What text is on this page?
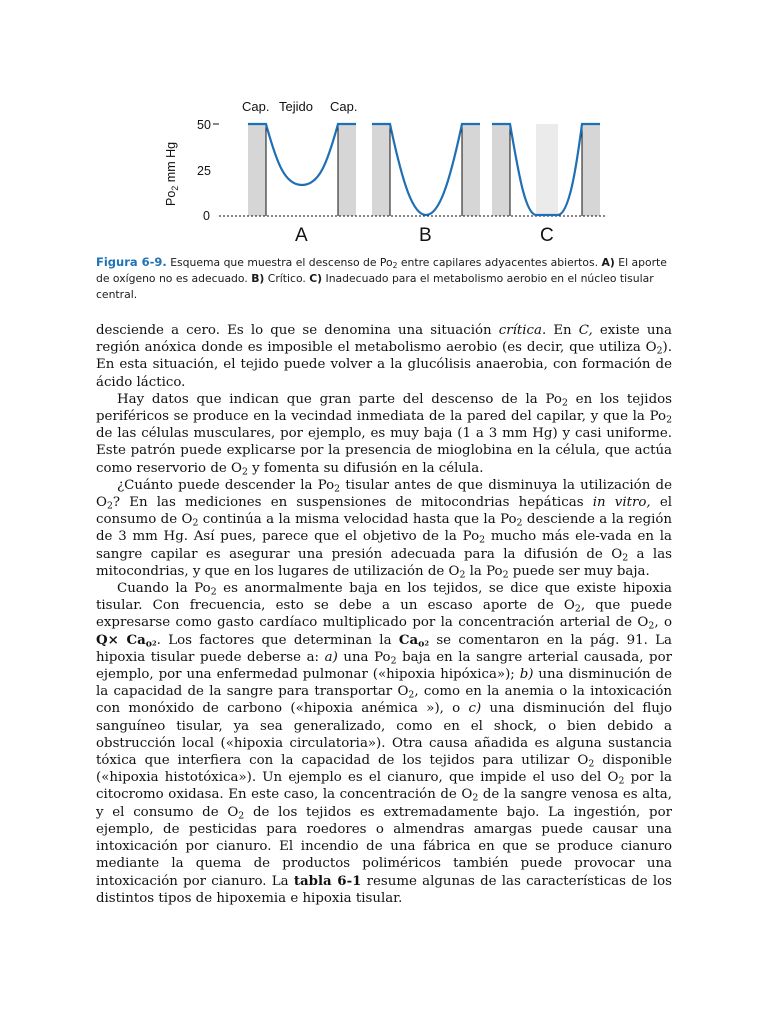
Cap. Tejido Cap.
$Po_2$ mm Hg
50
25
0
A	B	C
Figura 6-9. Esquema que muestra el descenso de $Po_2$ entre capilares adyacentes abiertos. A) El aporte de oxígeno no es adecuado. B) Crítico. C) Inadecuado para el metabolismo aerobio en el núcleo tisular central.

desciende a cero. Es lo que se denomina una situación crítica. En C, existe una región anóxica donde es imposible el metabolismo aerobio (es decir, que utiliza $O_2$). En esta situación, el tejido puede volver a la glucólisis anaerobia, con formación de ácido láctico.

Hay datos que indican que gran parte del descenso de la $Po_2$ en los tejidos periféricos se produce en la vecindad inmediata de la pared del capilar, y que la $Po_2$ de las células musculares, por ejemplo, es muy baja (1 a 3 mm Hg) y casi uniforme. Este patrón puede explicarse por la presencia de mioglobina en la célula, que actúa como reservorio de $O_2$ y fomenta su difusión en la célula.

¿Cuánto puede descender la $Po_2$ tisular antes de que disminuya la utilización de $O_2$? En las mediciones en suspensiones de mitocondrias hepáticas in vitro, el consumo de $O_2$ continúa a la misma velocidad hasta que la $Po_2$ desciende a la región de 3 mm Hg. Así pues, parece que el objetivo de la $Po_2$ mucho más ele-vada en la sangre capilar es asegurar una presión adecuada para la difusión de $O_2$ a las mitocondrias, y que en los lugares de utilización de $O_2$ la $Po_2$ puede ser muy baja.

Cuando la $Po_2$ es anormalmente baja en los tejidos, se dice que existe hipoxia tisular. Con frecuencia, esto se debe a un escaso aporte de $O_2$, que puede expresarse como gasto cardíaco multiplicado por la concentración arterial de $O_2$, o $Q\times Ca_{o2}$. Los factores que determinan la $Ca_{o2}$ se comentaron en la pág. 91. La hipoxia tisular puede deberse a: a) una $Po_2$ baja en la sangre arterial causada, por ejemplo, por una enfermedad pulmonar («hipoxia hipóxica»); b) una disminución de la capacidad de la sangre para transportar $O_2$, como en la anemia o la intoxicación con monóxido de carbono («hipoxia anémica »), o c) una disminución del flujo sanguíneo tisular, ya sea generalizado, como en el shock, o bien debido a obstrucción local («hipoxia circulatoria»). Otra causa añadida es alguna sustancia tóxica que interfiera con la capacidad de los tejidos para utilizar $O_2$ disponible («hipoxia histotóxica»). Un ejemplo es el cianuro, que impide el uso del $O_2$ por la citocromo oxidasa. En este caso, la concentración de $O_2$ de la sangre venosa es alta, y el consumo de $O_2$ de los tejidos es extremadamente bajo. La ingestión, por ejemplo, de pesticidas para roedores o almendras amargas puede causar una intoxicación por cianuro. El incendio de una fábrica en que se produce cianuro mediante la quema de productos poliméricos también puede provocar una intoxicación por cianuro. La tabla 6-1 resume algunas de las características de los distintos tipos de hipoxemia e hipoxia tisular.
